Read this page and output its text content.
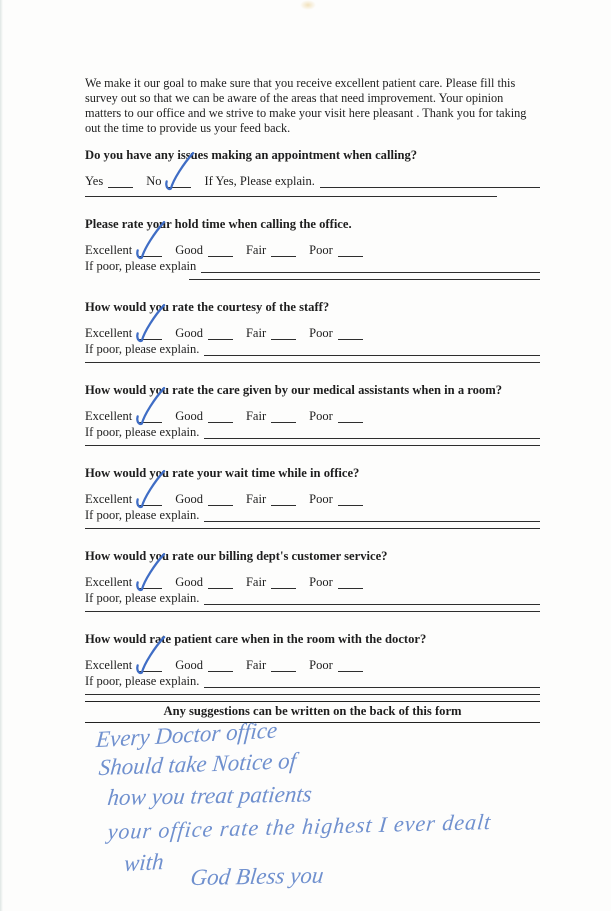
We make it our goal to make sure that you receive excellent patient care. Please fill this
survey out so that we can be aware of the areas that need improvement. Your opinion
matters to our office and we strive to make your visit here pleasant . Thank you for taking
out the time to provide us your feed back.
Do you have any issues making an appointment when calling?
Yes	No	If Yes, Please explain.
Please rate your hold time when calling the office.
Excellent	Good	Fair	Poor
If poor, please explain
How would you rate the courtesy of the staff?
Excellent	Good	Fair	Poor
If poor, please explain.
How would you rate the care given by our medical assistants when in a room?
Excellent	Good	Fair	Poor
If poor, please explain.
How would you rate your wait time while in office?
Excellent	Good	Fair	Poor
If poor, please explain.
How would you rate our billing dept's customer service?
Excellent	Good	Fair	Poor
If poor, please explain.
How would rate patient care when in the room with the doctor?
Excellent	Good	Fair	Poor
If poor, please explain.
Any suggestions can be written on the back of this form
Every Doctor office
Should take Notice of
how you treat patients
your office rate the highest I ever dealt
with
God Bless you
